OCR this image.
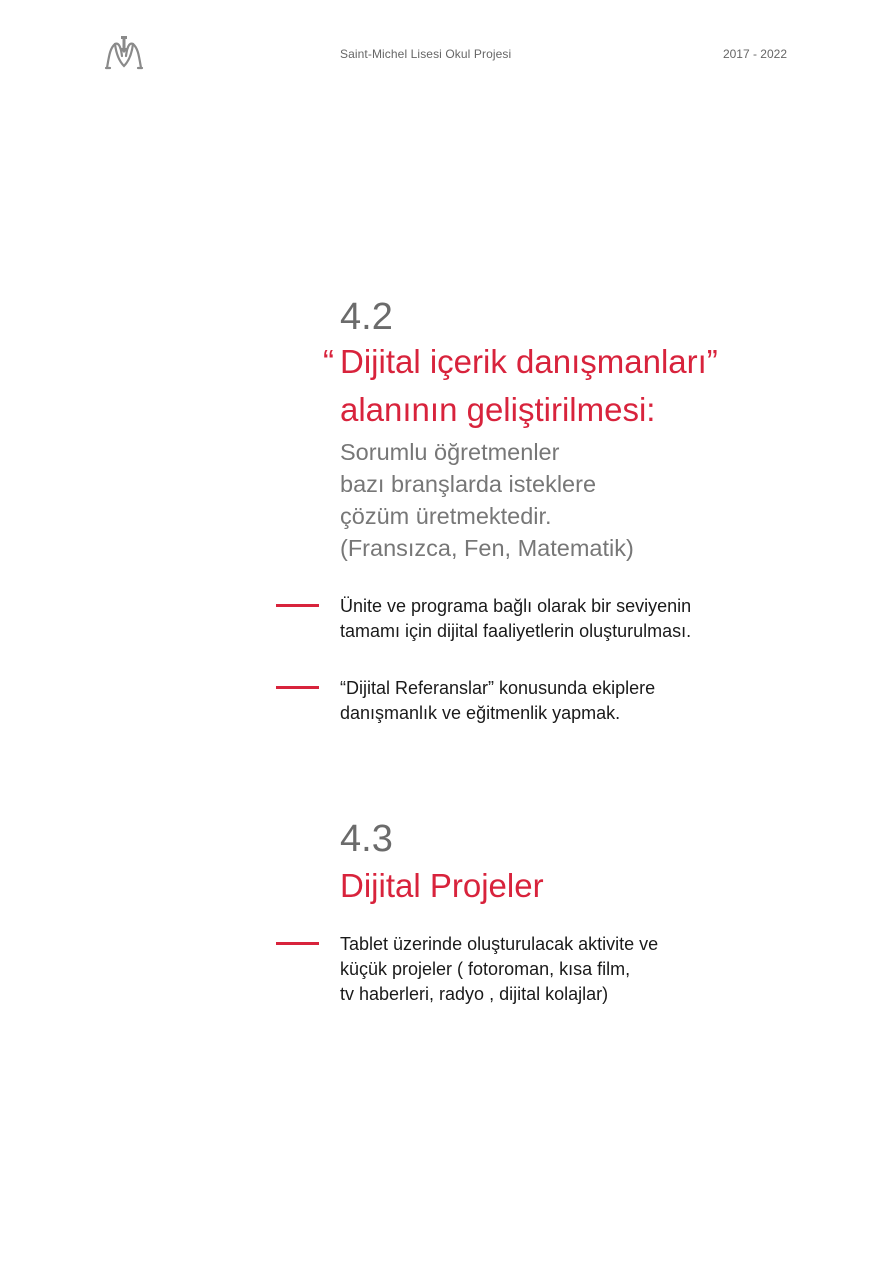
Saint-Michel Lisesi Okul Projesi	2017 - 2022
4.2
“ Dijital içerik danışmanları”
alanının geliştirilmesi:
Sorumlu öğretmenler
bazı branşlarda isteklere
çözüm üretmektedir.
(Fransızca, Fen, Matematik)
Ünite ve programa bağlı olarak bir seviyenin
tamamı için dijital faaliyetlerin oluşturulması.
“Dijital Referanslar” konusunda ekiplere
danışmanlık ve eğitmenlik yapmak.
4.3
Dijital Projeler
Tablet üzerinde oluşturulacak aktivite ve
küçük projeler ( fotoroman, kısa film,
tv haberleri, radyo , dijital kolajlar)
